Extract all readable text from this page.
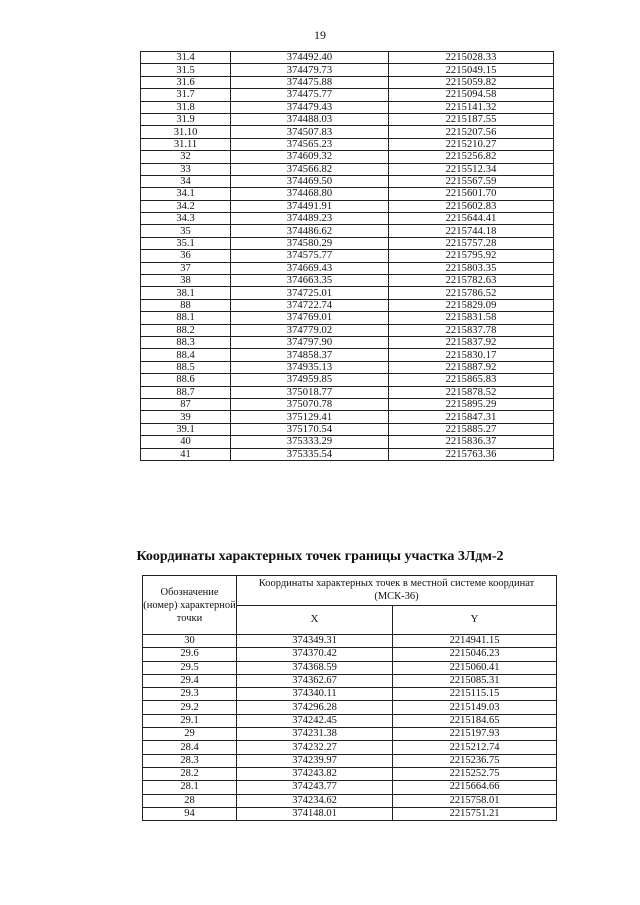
19
31.4	374492.40	2215028.33
31.5	374479.73	2215049.15
31.6	374475.88	2215059.82
31.7	374475.77	2215094.58
31.8	374479.43	2215141.32
31.9	374488.03	2215187.55
31.10	374507.83	2215207.56
31.11	374565.23	2215210.27
32	374609.32	2215256.82
33	374566.82	2215512.34
34	374469.50	2215567.59
34.1	374468.80	2215601.70
34.2	374491.91	2215602.83
34.3	374489.23	2215644.41
35	374486.62	2215744.18
35.1	374580.29	2215757.28
36	374575.77	2215795.92
37	374669.43	2215803.35
38	374663.35	2215782.63
38.1	374725.01	2215786.52
88	374722.74	2215829.09
88.1	374769.01	2215831.58
88.2	374779.02	2215837.78
88.3	374797.90	2215837.92
88.4	374858.37	2215830.17
88.5	374935.13	2215887.92
88.6	374959.85	2215865.83
88.7	375018.77	2215878.52
87	375070.78	2215895.29
39	375129.41	2215847.31
39.1	375170.54	2215885.27
40	375333.29	2215836.37
41	375335.54	2215763.36
Координаты характерных точек границы участка 3Лдм-2
Обозначение (номер) характерной точки	Координаты характерных точек в местной системе координат (МСК-36)	
	X	Y
30	374349.31	2214941.15
29.6	374370.42	2215046.23
29.5	374368.59	2215060.41
29.4	374362.67	2215085.31
29.3	374340.11	2215115.15
29.2	374296.28	2215149.03
29.1	374242.45	2215184.65
29	374231.38	2215197.93
28.4	374232.27	2215212.74
28.3	374239.97	2215236.75
28.2	374243.82	2215252.75
28.1	374243.77	2215664.66
28	374234.62	2215758.01
94	374148.01	2215751.21
